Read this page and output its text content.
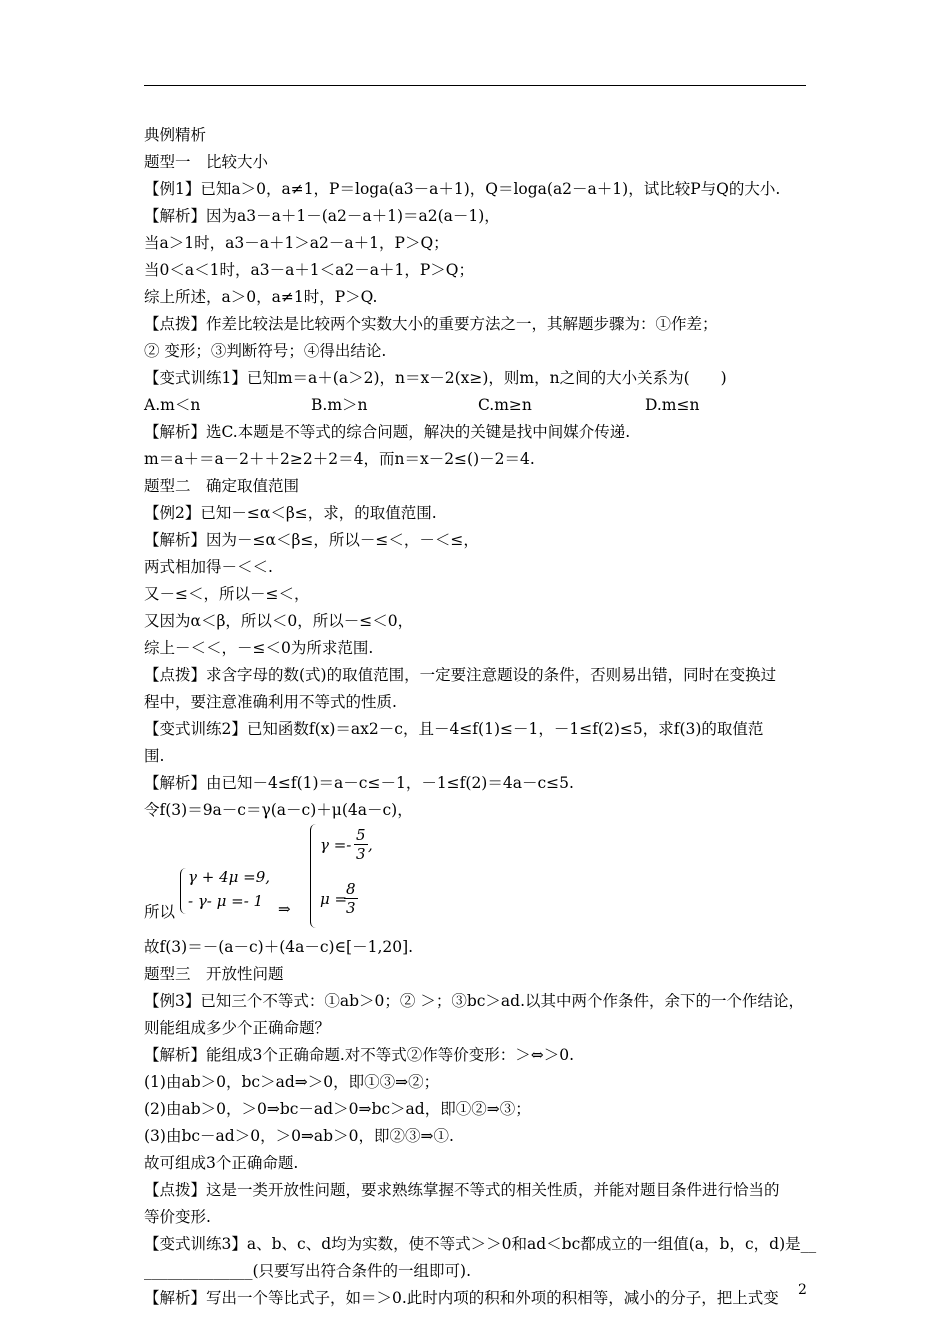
典例精析
题型一　比较大小
【例1】已知a＞0，a≠1，P＝loga(a3－a＋1)，Q＝loga(a2－a＋1)，试比较P与Q的大小.
【解析】因为a3－a＋1－(a2－a＋1)＝a2(a－1)，
当a＞1时，a3－a＋1＞a2－a＋1，P＞Q；
当0＜a＜1时，a3－a＋1＜a2－a＋1，P＞Q；
综上所述，a＞0，a≠1时，P＞Q.
【点拨】作差比较法是比较两个实数大小的重要方法之一，其解题步骤为：①作差；
② 变形；③判断符号；④得出结论.
【变式训练1】已知m＝a＋(a＞2)，n＝x－2(x≥)，则m，n之间的大小关系为(　　)
A.m＜n	B.m＞n	C.m≥n	D.m≤n
【解析】选C.本题是不等式的综合问题，解决的关键是找中间媒介传递.
m＝a＋＝a－2＋＋2≥2＋2＝4，而n＝x－2≤()－2＝4.
题型二　确定取值范围
【例2】已知－≤α＜β≤，求，的取值范围.
【解析】因为－≤α＜β≤，所以－≤＜，－＜≤，
两式相加得－＜＜.
又－≤＜，所以－≤＜，
又因为α＜β，所以＜0，所以－≤＜0，
综上－＜＜，－≤＜0为所求范围.
【点拨】求含字母的数(式)的取值范围，一定要注意题设的条件，否则易出错，同时在变换过
程中，要注意准确利用不等式的性质.
【变式训练2】已知函数f(x)＝ax2－c，且－4≤f(1)≤－1，－1≤f(2)≤5，求f(3)的取值范
围.
【解析】由已知－4≤f(1)＝a－c≤－1，－1≤f(2)＝4a－c≤5.
令f(3)＝9a－c＝γ(a－c)＋μ(4a－c)，
所以
γ + 4μ =9,
- γ- μ =- 1 ⇒
$\gamma =- \frac{5}{3}$ ,
μ =
$\frac{8}{3}$
故f(3)＝－(a－c)＋(4a－c)∈[－1,20].
题型三　开放性问题
【例3】已知三个不等式：①ab＞0；② ＞；③bc＞ad.以其中两个作条件，余下的一个作结论，
则能组成多少个正确命题？
【解析】能组成3个正确命题.对不等式②作等价变形：＞⇔＞0.
(1)由ab＞0，bc＞ad⇒＞0，即①③⇒②；
(2)由ab＞0，＞0⇒bc－ad＞0⇒bc＞ad，即①②⇒③；
(3)由bc－ad＞0，＞0⇒ab＞0，即②③⇒①.
故可组成3个正确命题.
【点拨】这是一类开放性问题，要求熟练掌握不等式的相关性质，并能对题目条件进行恰当的
等价变形.
【变式训练3】a、b、c、d均为实数，使不等式＞＞0和ad＜bc都成立的一组值(a，b，c，d)是__
______________(只要写出符合条件的一组即可).
【解析】写出一个等比式子，如＝＞0.此时内项的积和外项的积相等，减小的分子，把上式变	2
